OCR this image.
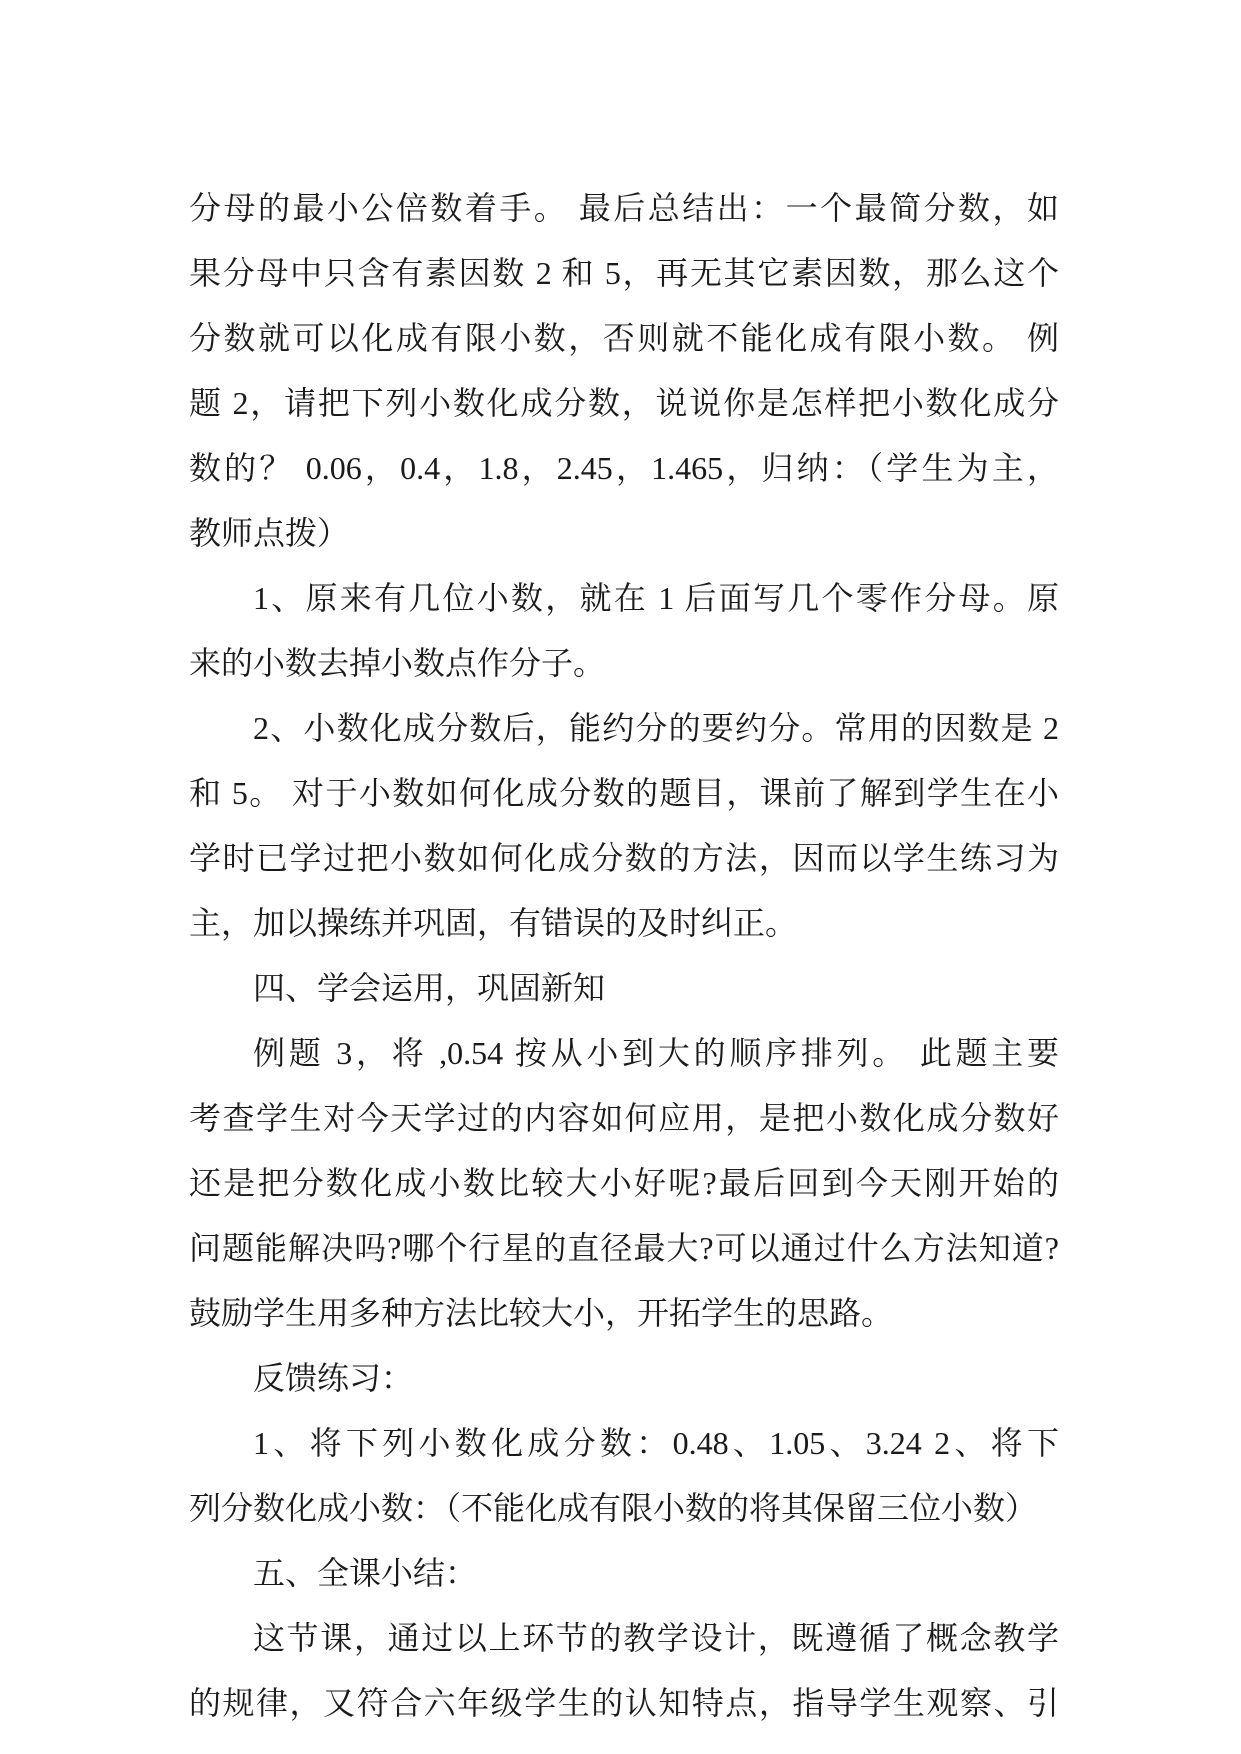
分母的最小公倍数着手。 最后总结出：一个最简分数，如
果分母中只含有素因数 2 和 5，再无其它素因数，那么这个
分数就可以化成有限小数，否则就不能化成有限小数。 例
题 2，请把下列小数化成分数，说说你是怎样把小数化成分
数的？ 0.06，0.4，1.8，2.45，1.465，归纳：（学生为主，
教师点拨）
1、原来有几位小数，就在 1 后面写几个零作分母。原
来的小数去掉小数点作分子。
2、小数化成分数后，能约分的要约分。常用的因数是 2
和 5。 对于小数如何化成分数的题目，课前了解到学生在小
学时已学过把小数如何化成分数的方法，因而以学生练习为
主，加以操练并巩固，有错误的及时纠正。
四、学会运用，巩固新知
例题 3，将 ,0.54 按从小到大的顺序排列。 此题主要
考查学生对今天学过的内容如何应用，是把小数化成分数好
还是把分数化成小数比较大小好呢?最后回到今天刚开始的
问题能解决吗?哪个行星的直径最大?可以通过什么方法知道?
鼓励学生用多种方法比较大小，开拓学生的思路。
反馈练习：
1、将下列小数化成分数：0.48、1.05、3.24 2、将下
列分数化成小数：（不能化成有限小数的将其保留三位小数）
五、全课小结：
这节课，通过以上环节的教学设计，既遵循了概念教学
的规律，又符合六年级学生的认知特点，指导学生观察、引
